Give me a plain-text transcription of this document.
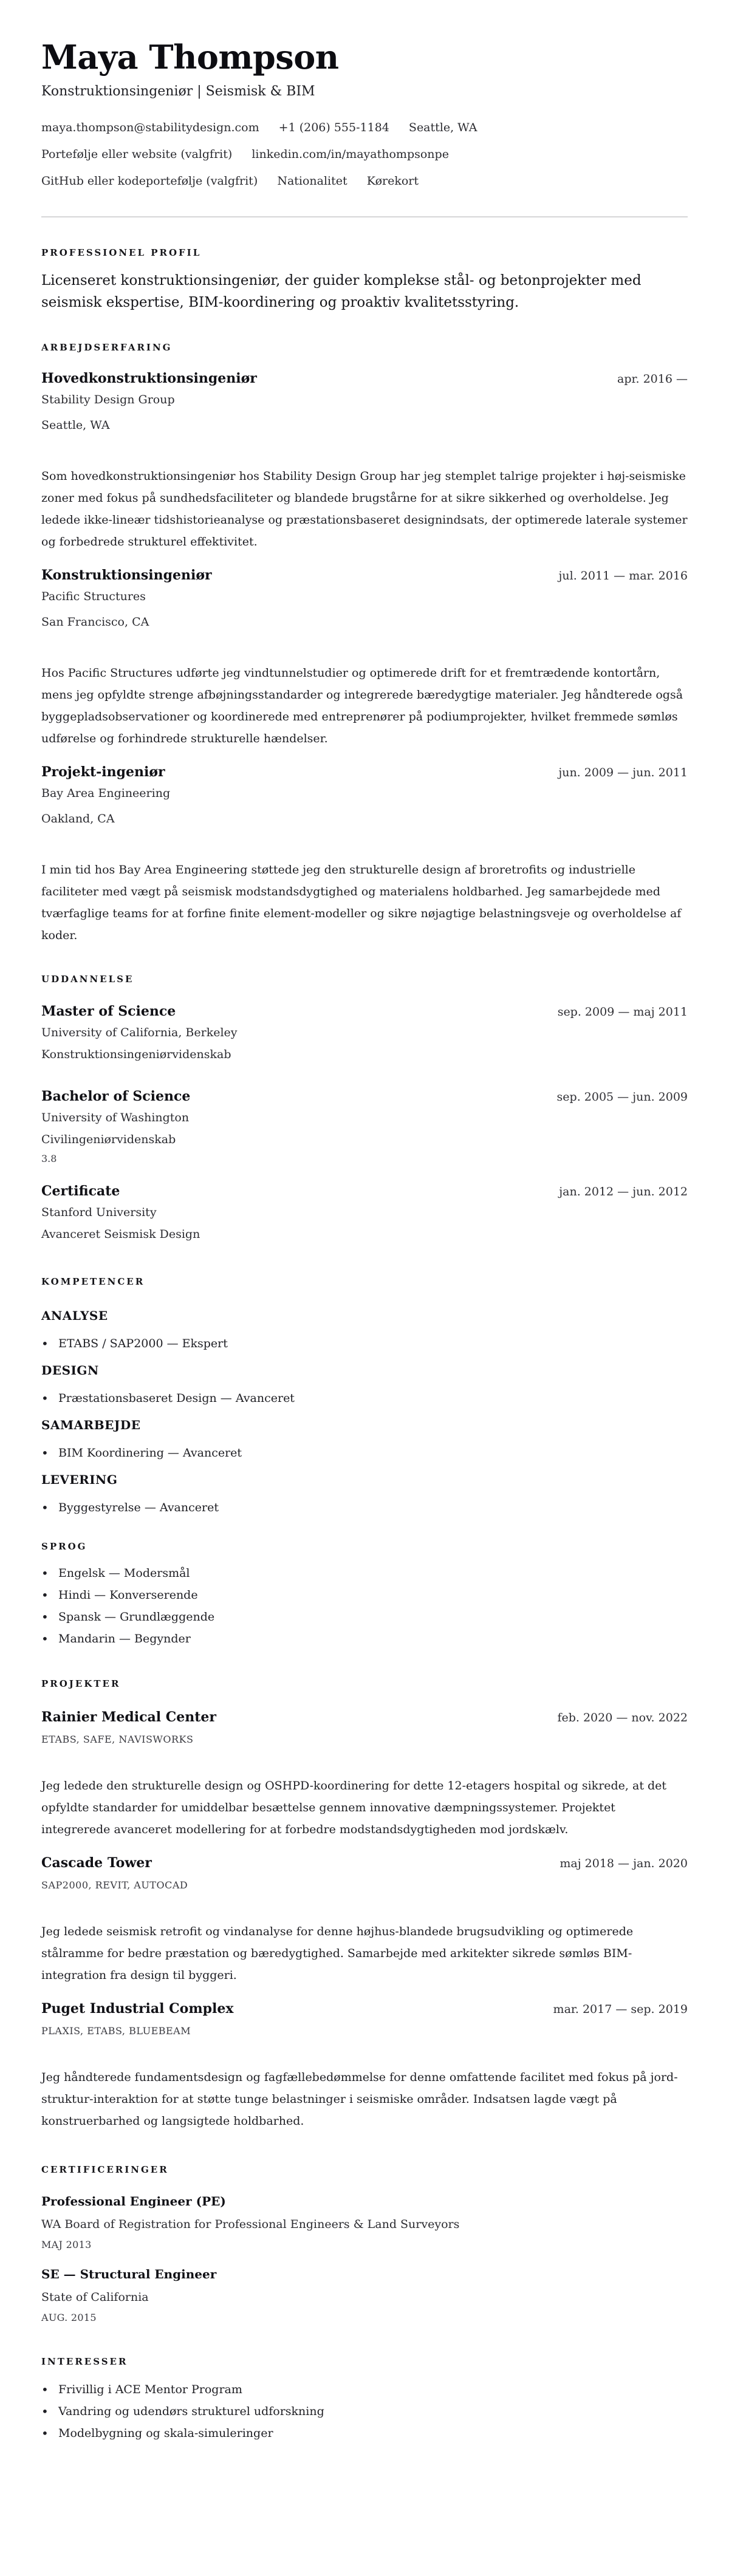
Maya Thompson
Konstruktionsingeniør | Seismisk & BIM
maya.thompson@stabilitydesign.com +1 (206) 555-1184 Seattle, WA
Portefølje eller website (valgfrit) linkedin.com/in/mayathompsonpe
GitHub eller kodeportefølje (valgfrit) Nationalitet Kørekort
PROFESSIONEL PROFIL

Licenseret konstruktionsingeniør, der guider komplekse stål- og betonprojekter med seismisk ekspertise, BIM-koordinering og proaktiv kvalitetsstyring.

ARBEJDSERFARING
Hovedkonstruktionsingeniør	apr. 2016 —
Stability Design Group
Seattle, WA
Som hovedkonstruktionsingeniør hos Stability Design Group har jeg stemplet talrige projekter i høj-seismiske zoner med fokus på sundhedsfaciliteter og blandede brugstårne for at sikre sikkerhed og overholdelse. Jeg ledede ikke-lineær tidshistorieanalyse og præstationsbaseret designindsats, der optimerede laterale systemer og forbedrede strukturel effektivitet.
Konstruktionsingeniør	jul. 2011 — mar. 2016
Pacific Structures
San Francisco, CA
Hos Pacific Structures udførte jeg vindtunnelstudier og optimerede drift for et fremtrædende kontortårn, mens jeg opfyldte strenge afbøjningsstandarder og integrerede bæredygtige materialer. Jeg håndterede også byggepladsobservationer og koordinerede med entreprenører på podiumprojekter, hvilket fremmede sømløs udførelse og forhindrede strukturelle hændelser.
Projekt-ingeniør	jun. 2009 — jun. 2011
Bay Area Engineering
Oakland, CA
I min tid hos Bay Area Engineering støttede jeg den strukturelle design af broretrofits og industrielle faciliteter med vægt på seismisk modstandsdygtighed og materialens holdbarhed. Jeg samarbejdede med tværfaglige teams for at forfine finite element-modeller og sikre nøjagtige belastningsveje og overholdelse af koder.
UDDANNELSE
Master of Science	sep. 2009 — maj 2011
University of California, Berkeley
Konstruktionsingeniørvidenskab
Bachelor of Science	sep. 2005 — jun. 2009
University of Washington
Civilingeniørvidenskab
3.8
Certificate	jan. 2012 — jun. 2012
Stanford University
Avanceret Seismisk Design
KOMPETENCER
ANALYSE
• ETABS / SAP2000 — Ekspert
DESIGN
• Præstationsbaseret Design — Avanceret
SAMARBEJDE
• BIM Koordinering — Avanceret
LEVERING
• Byggestyrelse — Avanceret
SPROG
• Engelsk — Modersmål
• Hindi — Konverserende
• Spansk — Grundlæggende
• Mandarin — Begynder
PROJEKTER
Rainier Medical Center	feb. 2020 — nov. 2022
ETABS, SAFE, NAVISWORKS
Jeg ledede den strukturelle design og OSHPD-koordinering for dette 12-etagers hospital og sikrede, at det opfyldte standarder for umiddelbar besættelse gennem innovative dæmpningssystemer. Projektet integrerede avanceret modellering for at forbedre modstandsdygtigheden mod jordskælv.
Cascade Tower	maj 2018 — jan. 2020
SAP2000, REVIT, AUTOCAD
Jeg ledede seismisk retrofit og vindanalyse for denne højhus-blandede brugsudvikling og optimerede stålramme for bedre præstation og bæredygtighed. Samarbejde med arkitekter sikrede sømløs BIM-integration fra design til byggeri.
Puget Industrial Complex	mar. 2017 — sep. 2019
PLAXIS, ETABS, BLUEBEAM
Jeg håndterede fundamentsdesign og fagfællebedømmelse for denne omfattende facilitet med fokus på jord-struktur-interaktion for at støtte tunge belastninger i seismiske områder. Indsatsen lagde vægt på konstruerbarhed og langsigtede holdbarhed.
CERTIFICERINGER
Professional Engineer (PE)
WA Board of Registration for Professional Engineers & Land Surveyors
MAJ 2013
SE — Structural Engineer
State of California
AUG. 2015
INTERESSER
• Frivillig i ACE Mentor Program
• Vandring og udendørs strukturel udforskning
• Modelbygning og skala-simuleringer
